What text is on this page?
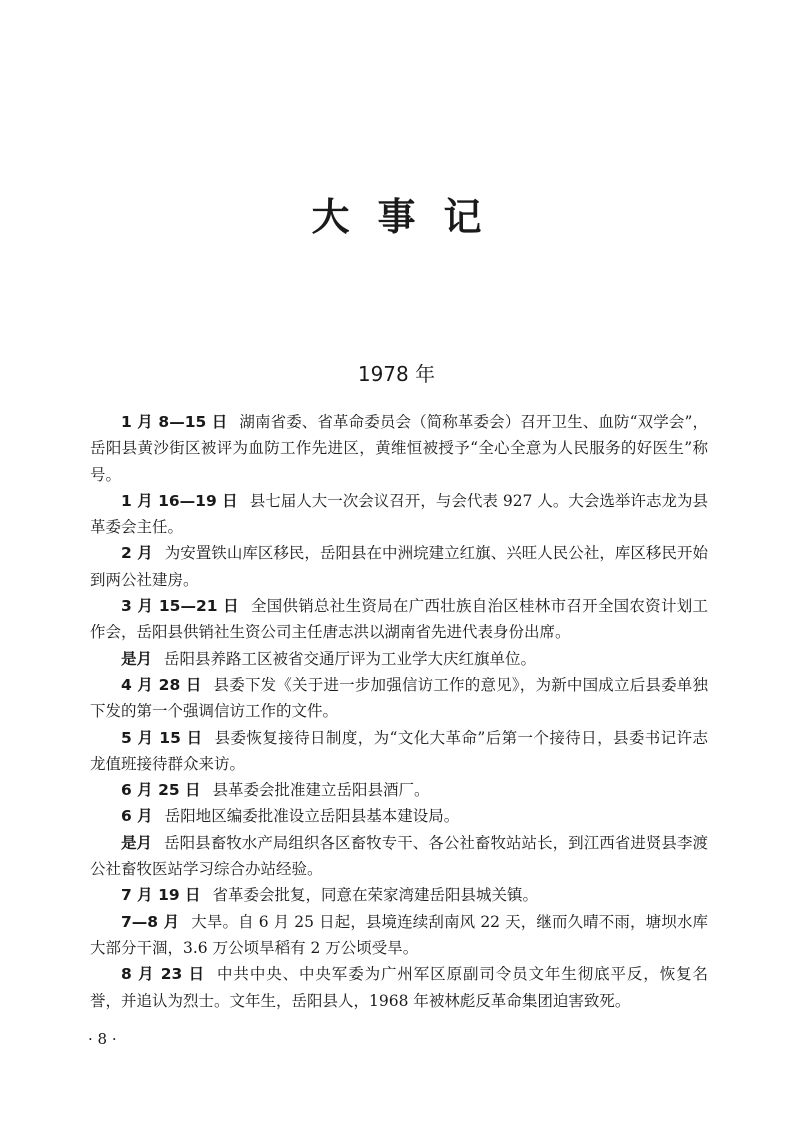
大事记
1978 年

1 月 8—15 日 湖南省委、省革命委员会（简称革委会）召开卫生、血防“双学会”，岳阳县黄沙街区被评为血防工作先进区，黄维恒被授予“全心全意为人民服务的好医生”称号。

1 月 16—19 日 县七届人大一次会议召开，与会代表 927 人。大会选举许志龙为县革委会主任。

2 月 为安置铁山库区移民，岳阳县在中洲垸建立红旗、兴旺人民公社，库区移民开始到两公社建房。

3 月 15—21 日 全国供销总社生资局在广西壮族自治区桂林市召开全国农资计划工作会，岳阳县供销社生资公司主任唐志洪以湖南省先进代表身份出席。

是月 岳阳县养路工区被省交通厅评为工业学大庆红旗单位。

4 月 28 日 县委下发《关于进一步加强信访工作的意见》，为新中国成立后县委单独下发的第一个强调信访工作的文件。

5 月 15 日 县委恢复接待日制度，为“文化大革命”后第一个接待日，县委书记许志龙值班接待群众来访。

6 月 25 日 县革委会批准建立岳阳县酒厂。

6 月 岳阳地区编委批准设立岳阳县基本建设局。

是月 岳阳县畜牧水产局组织各区畜牧专干、各公社畜牧站站长，到江西省进贤县李渡公社畜牧医站学习综合办站经验。

7 月 19 日 省革委会批复，同意在荣家湾建岳阳县城关镇。

7—8 月 大旱。自 6 月 25 日起，县境连续刮南风 22 天，继而久晴不雨，塘坝水库大部分干涸，3.6 万公顷旱稻有 2 万公顷受旱。

8 月 23 日 中共中央、中央军委为广州军区原副司令员文年生彻底平反，恢复名誉，并追认为烈士。文年生，岳阳县人，1968 年被林彪反革命集团迫害致死。

· 8 ·
